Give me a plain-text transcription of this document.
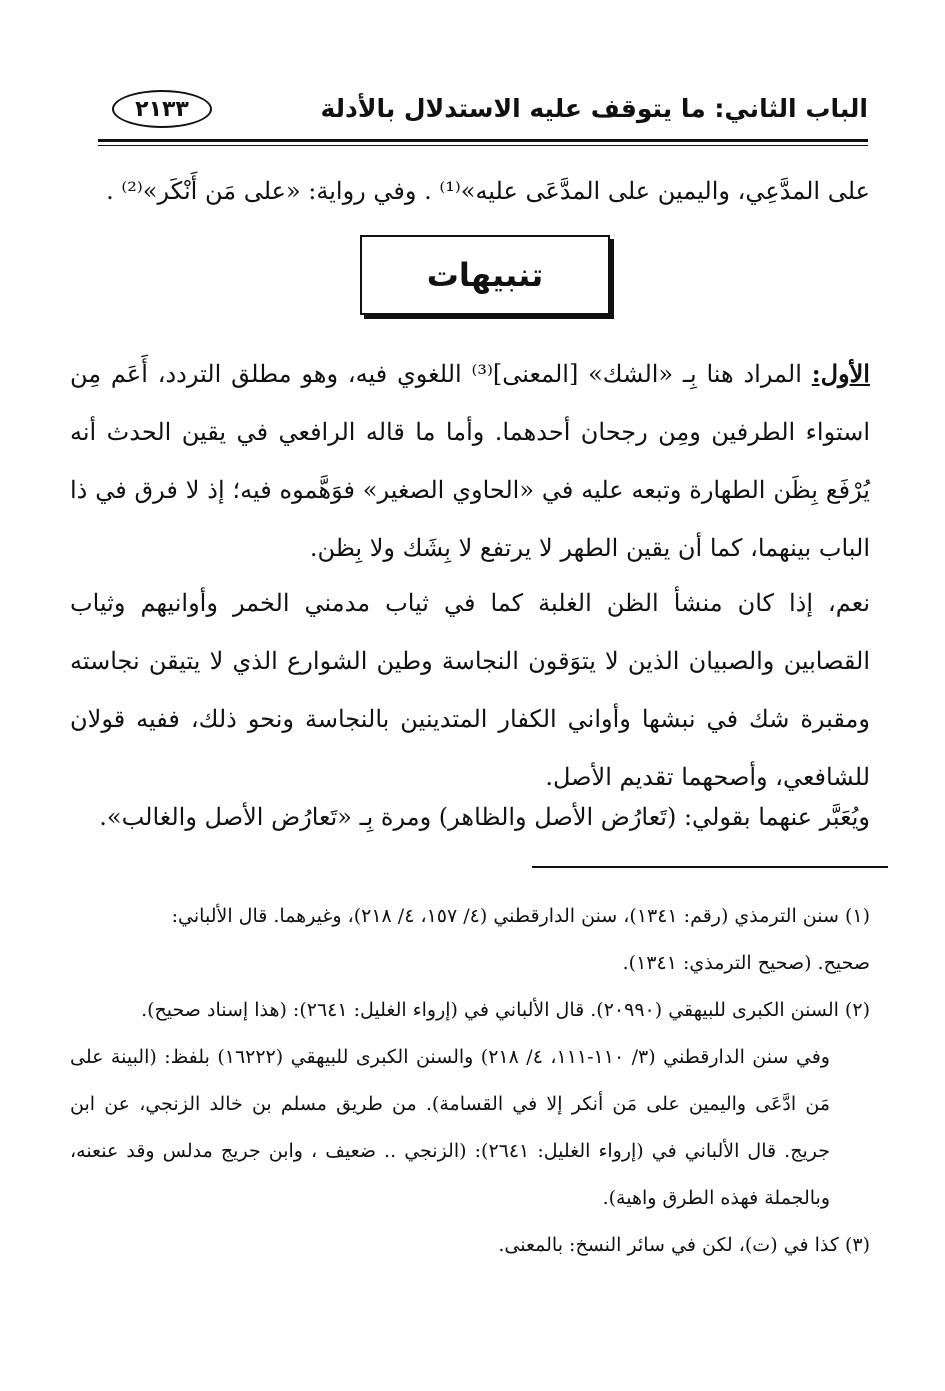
الباب الثاني: ما يتوقف عليه الاستدلال بالأدلة
٢١٣٣
على المدَّعِي، واليمين على المدَّعَى عليه»⁽¹⁾ . وفي رواية: «على مَن أَنْكَر»⁽²⁾ .
تنبيهات
الأول: المراد هنا بِـ «الشك» [المعنى]⁽³⁾ اللغوي فيه، وهو مطلق التردد، أَعَم مِن استواء الطرفين ومِن رجحان أحدهما. وأما ما قاله الرافعي في يقين الحدث أنه يُرْفَع بِظَن الطهارة وتبعه عليه في «الحاوي الصغير» فوَهَّموه فيه؛ إذ لا فرق في ذا الباب بينهما، كما أن يقين الطهر لا يرتفع لا بِشَك ولا بِظن.
نعم، إذا كان منشأ الظن الغلبة كما في ثياب مدمني الخمر وأوانيهم وثياب القصابين والصبيان الذين لا يتوَقون النجاسة وطين الشوارع الذي لا يتيقن نجاسته ومقبرة شك في نبشها وأواني الكفار المتدينين بالنجاسة ونحو ذلك، ففيه قولان للشافعي، وأصحهما تقديم الأصل.
ويُعَبَّر عنهما بقولي: (تَعارُض الأصل والظاهر) ومرة بِـ «تَعارُض الأصل والغالب».

(١) سنن الترمذي (رقم: ١٣٤١)، سنن الدارقطني (٤/ ١٥٧، ٤/ ٢١٨)، وغيرهما. قال الألباني:

صحيح. (صحيح الترمذي: ١٣٤١).

(٢) السنن الكبرى للبيهقي (٢٠٩٩٠). قال الألباني في (إرواء الغليل: ٢٦٤١): (هذا إسناد صحيح).

وفي سنن الدارقطني (٣/ ١١٠-١١١، ٤/ ٢١٨) والسنن الكبرى للبيهقي (١٦٢٢٢) بلفظ: (البينة على مَن ادَّعَى واليمين على مَن أنكر إلا في القسامة). من طريق مسلم بن خالد الزنجي، عن ابن جريج. قال الألباني في (إرواء الغليل: ٢٦٤١): (الزنجي .. ضعيف ، وابن جريج مدلس وقد عنعنه، وبالجملة فهذه الطرق واهية).

(٣) كذا في (ت)، لكن في سائر النسخ: بالمعنى.
